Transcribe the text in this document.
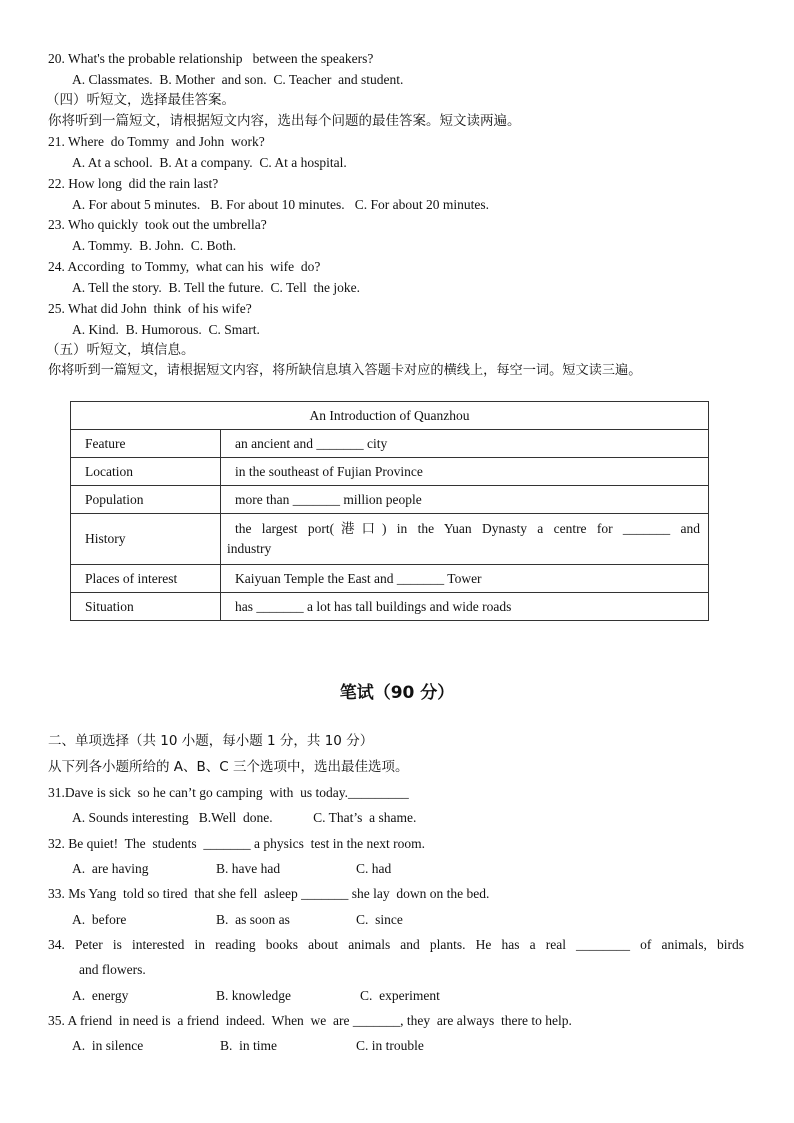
20. What's the probable relationship   between the speakers?
A. Classmates.  B. Mother  and son.  C. Teacher  and student.
（四）听短文，选择最佳答案。
你将听到一篇短文，请根据短文内容，选出每个问题的最佳答案。短文读两遍。
21. Where  do Tommy  and John  work?
A. At a school.  B. At a company.  C. At a hospital.
22. How long  did the rain last?
A. For about 5 minutes.   B. For about 10 minutes.   C. For about 20 minutes.
23. Who quickly  took out the umbrella?
A. Tommy.  B. John.  C. Both.
24. According  to Tommy,  what can his  wife  do?
A. Tell the story.  B. Tell the future.  C. Tell  the joke.
25. What did John  think  of his wife?
A. Kind.  B. Humorous.  C. Smart.
（五）听短文，填信息。
你将听到一篇短文，请根据短文内容，将所缺信息填入答题卡对应的横线上，每空一词。短文读三遍。
An Introduction of Quanzhou	
Feature	an ancient and _______ city
Location	in the southeast of Fujian Province
Population	more than _______ million people
History	the largest port(港口) in the Yuan Dynasty a centre for _______ and
industry

Places of interest	Kaiyuan Temple the East and _______ Tower
Situation	has _______ a lot has tall buildings and wide roads
笔试（90 分）
二、单项选择（共 10 小题，每小题 1 分，共 10 分）
从下列各小题所给的 A、B、C 三个选项中，选出最佳选项。
31.Dave is sick  so he can’t go camping  with  us today._________
A. Sounds interesting   B.Well  done.            C. That’s  a shame.
32. Be quiet!  The  students  _______ a physics  test in the next room.
A.  are having	B. have had	C. had
33. Ms Yang  told so tired  that she fell  asleep _______ she lay  down on the bed.
A.  before	B.  as soon as	C.  since
34. Peter is interested in reading books about animals and plants. He has a real ________ of animals, birds
and flowers.
A.  energy	B. knowledge	C.  experiment
35. A friend  in need is  a friend  indeed.  When  we  are _______, they  are always  there to help.
A.  in silence	B.  in time	C. in trouble
